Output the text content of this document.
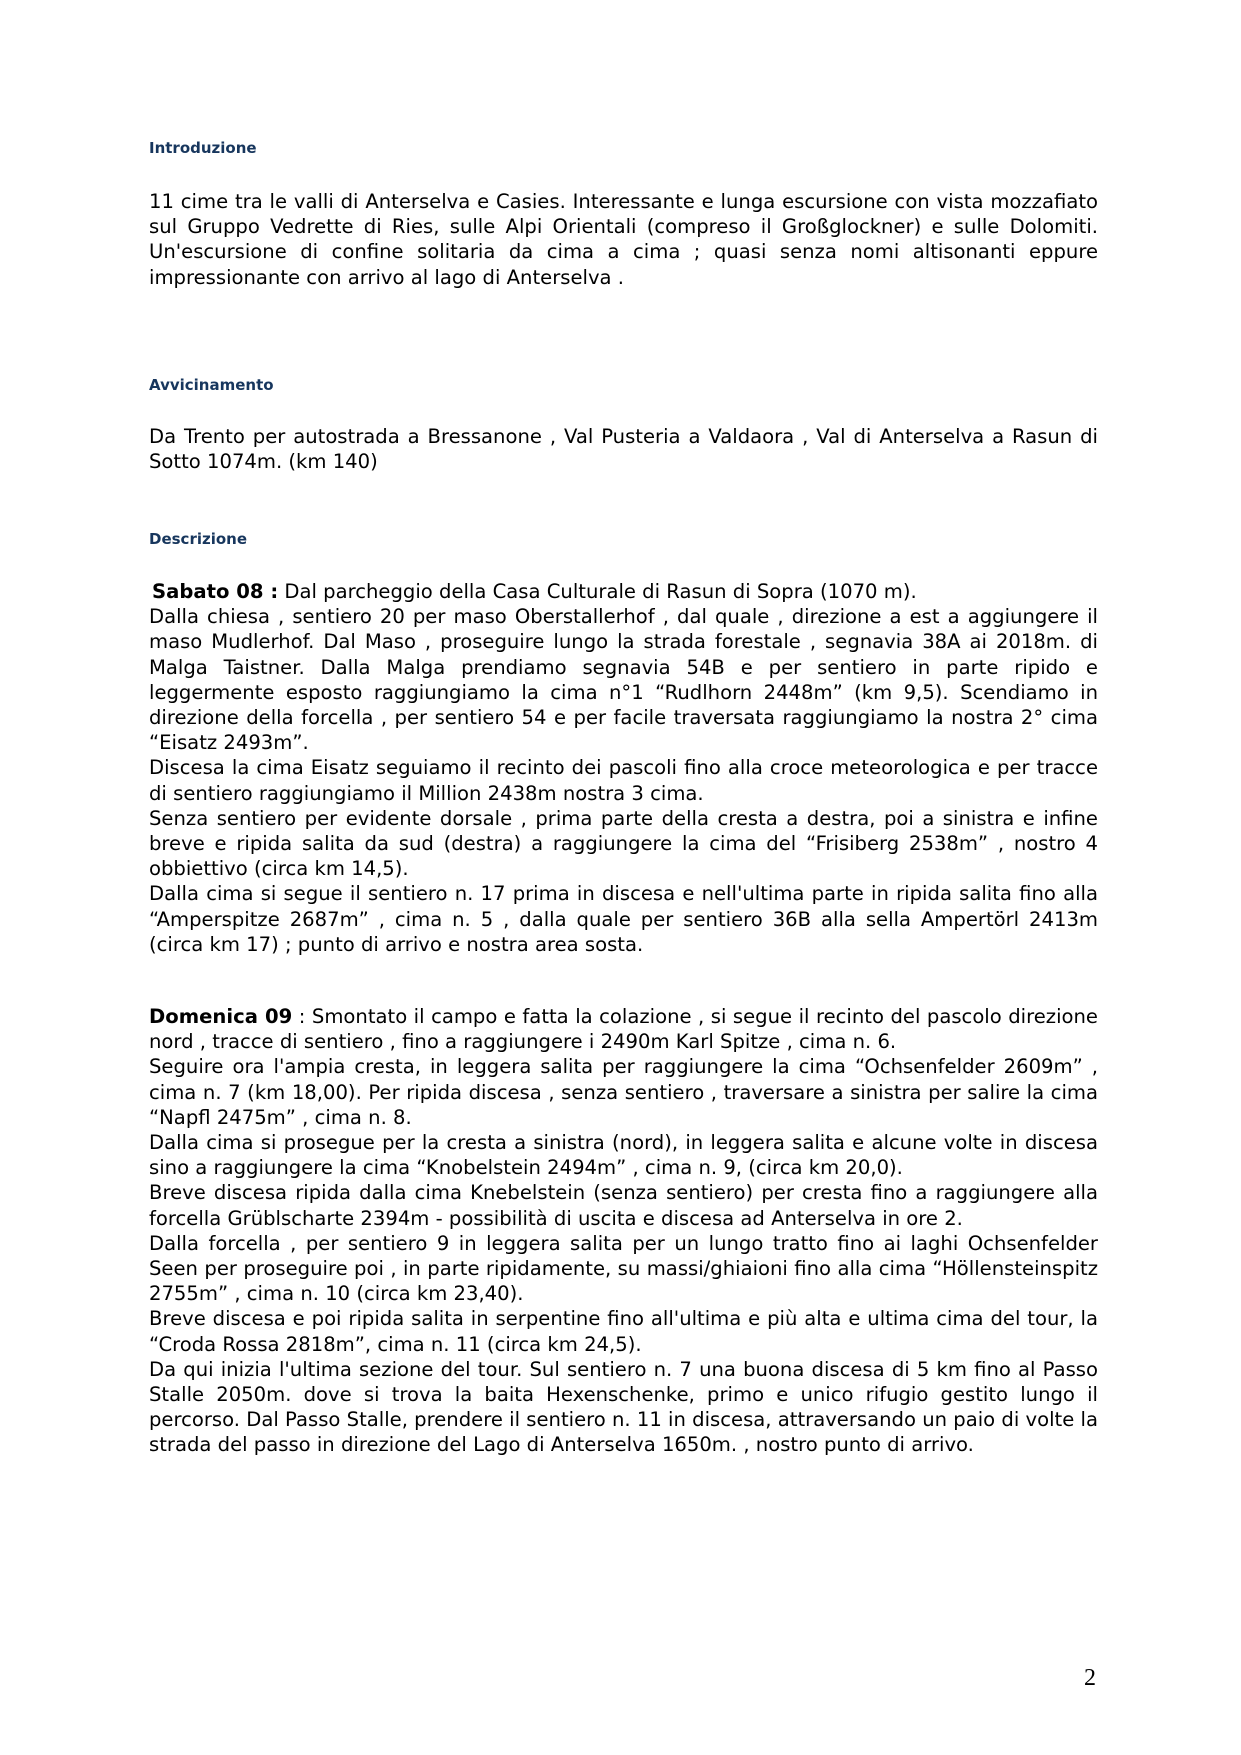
Introduzione

11 cime tra le valli di Anterselva e Casies. Interessante e lunga escursione con vista mozzafiato sul Gruppo Vedrette di Ries, sulle Alpi Orientali (compreso il Großglockner) e sulle Dolomiti. Un'escursione di confine solitaria da cima a cima ; quasi senza nomi altisonanti eppure impressionante con arrivo al lago di Anterselva .

Avvicinamento

Da Trento per autostrada a Bressanone , Val Pusteria a Valdaora , Val di Anterselva a Rasun di Sotto 1074m. (km 140)

Descrizione

Sabato 08 : Dal parcheggio della Casa Culturale di Rasun di Sopra (1070 m).

Dalla chiesa , sentiero 20 per maso Oberstallerhof , dal quale , direzione a est a aggiungere il maso Mudlerhof. Dal Maso , proseguire lungo la strada forestale , segnavia 38A ai 2018m. di Malga Taistner. Dalla Malga prendiamo segnavia 54B e per sentiero in parte ripido e leggermente esposto raggiungiamo la cima n°1 “Rudlhorn 2448m” (km 9,5). Scendiamo in direzione della forcella , per sentiero 54 e per facile traversata raggiungiamo la nostra 2° cima “Eisatz 2493m”.

Discesa la cima Eisatz seguiamo il recinto dei pascoli fino alla croce meteorologica e per tracce di sentiero raggiungiamo il Million 2438m nostra 3 cima.

Senza sentiero per evidente dorsale , prima parte della cresta a destra, poi a sinistra e infine breve e ripida salita da sud (destra) a raggiungere la cima del “Frisiberg 2538m” , nostro 4 obbiettivo (circa km 14,5).

Dalla cima si segue il sentiero n. 17 prima in discesa e nell'ultima parte in ripida salita fino alla “Amperspitze 2687m” , cima n. 5 , dalla quale per sentiero 36B alla sella Ampertörl 2413m (circa km 17) ; punto di arrivo e nostra area sosta.

Domenica 09 : Smontato il campo e fatta la colazione , si segue il recinto del pascolo direzione nord , tracce di sentiero , fino a raggiungere i 2490m Karl Spitze , cima n. 6.

Seguire ora l'ampia cresta, in leggera salita per raggiungere la cima “Ochsenfelder 2609m” , cima n. 7 (km 18,00). Per ripida discesa , senza sentiero , traversare a sinistra per salire la cima “Napfl 2475m” , cima n. 8.

Dalla cima si prosegue per la cresta a sinistra (nord), in leggera salita e alcune volte in discesa sino a raggiungere la cima “Knobelstein 2494m” , cima n. 9, (circa km 20,0).

Breve discesa ripida dalla cima Knebelstein (senza sentiero) per cresta fino a raggiungere alla forcella Grüblscharte 2394m - possibilità di uscita e discesa ad Anterselva in ore 2.

Dalla forcella , per sentiero 9 in leggera salita per un lungo tratto fino ai laghi Ochsenfelder Seen per proseguire poi , in parte ripidamente, su massi/ghiaioni fino alla cima “Höllensteinspitz 2755m” , cima n. 10 (circa km 23,40).

Breve discesa e poi ripida salita in serpentine fino all'ultima e più alta e ultima cima del tour, la “Croda Rossa 2818m”, cima n. 11 (circa km 24,5).

Da qui inizia l'ultima sezione del tour. Sul sentiero n. 7 una buona discesa di 5 km fino al Passo Stalle 2050m. dove si trova la baita Hexenschenke, primo e unico rifugio gestito lungo il percorso. Dal Passo Stalle, prendere il sentiero n. 11 in discesa, attraversando un paio di volte la strada del passo in direzione del Lago di Anterselva 1650m. , nostro punto di arrivo.

2
